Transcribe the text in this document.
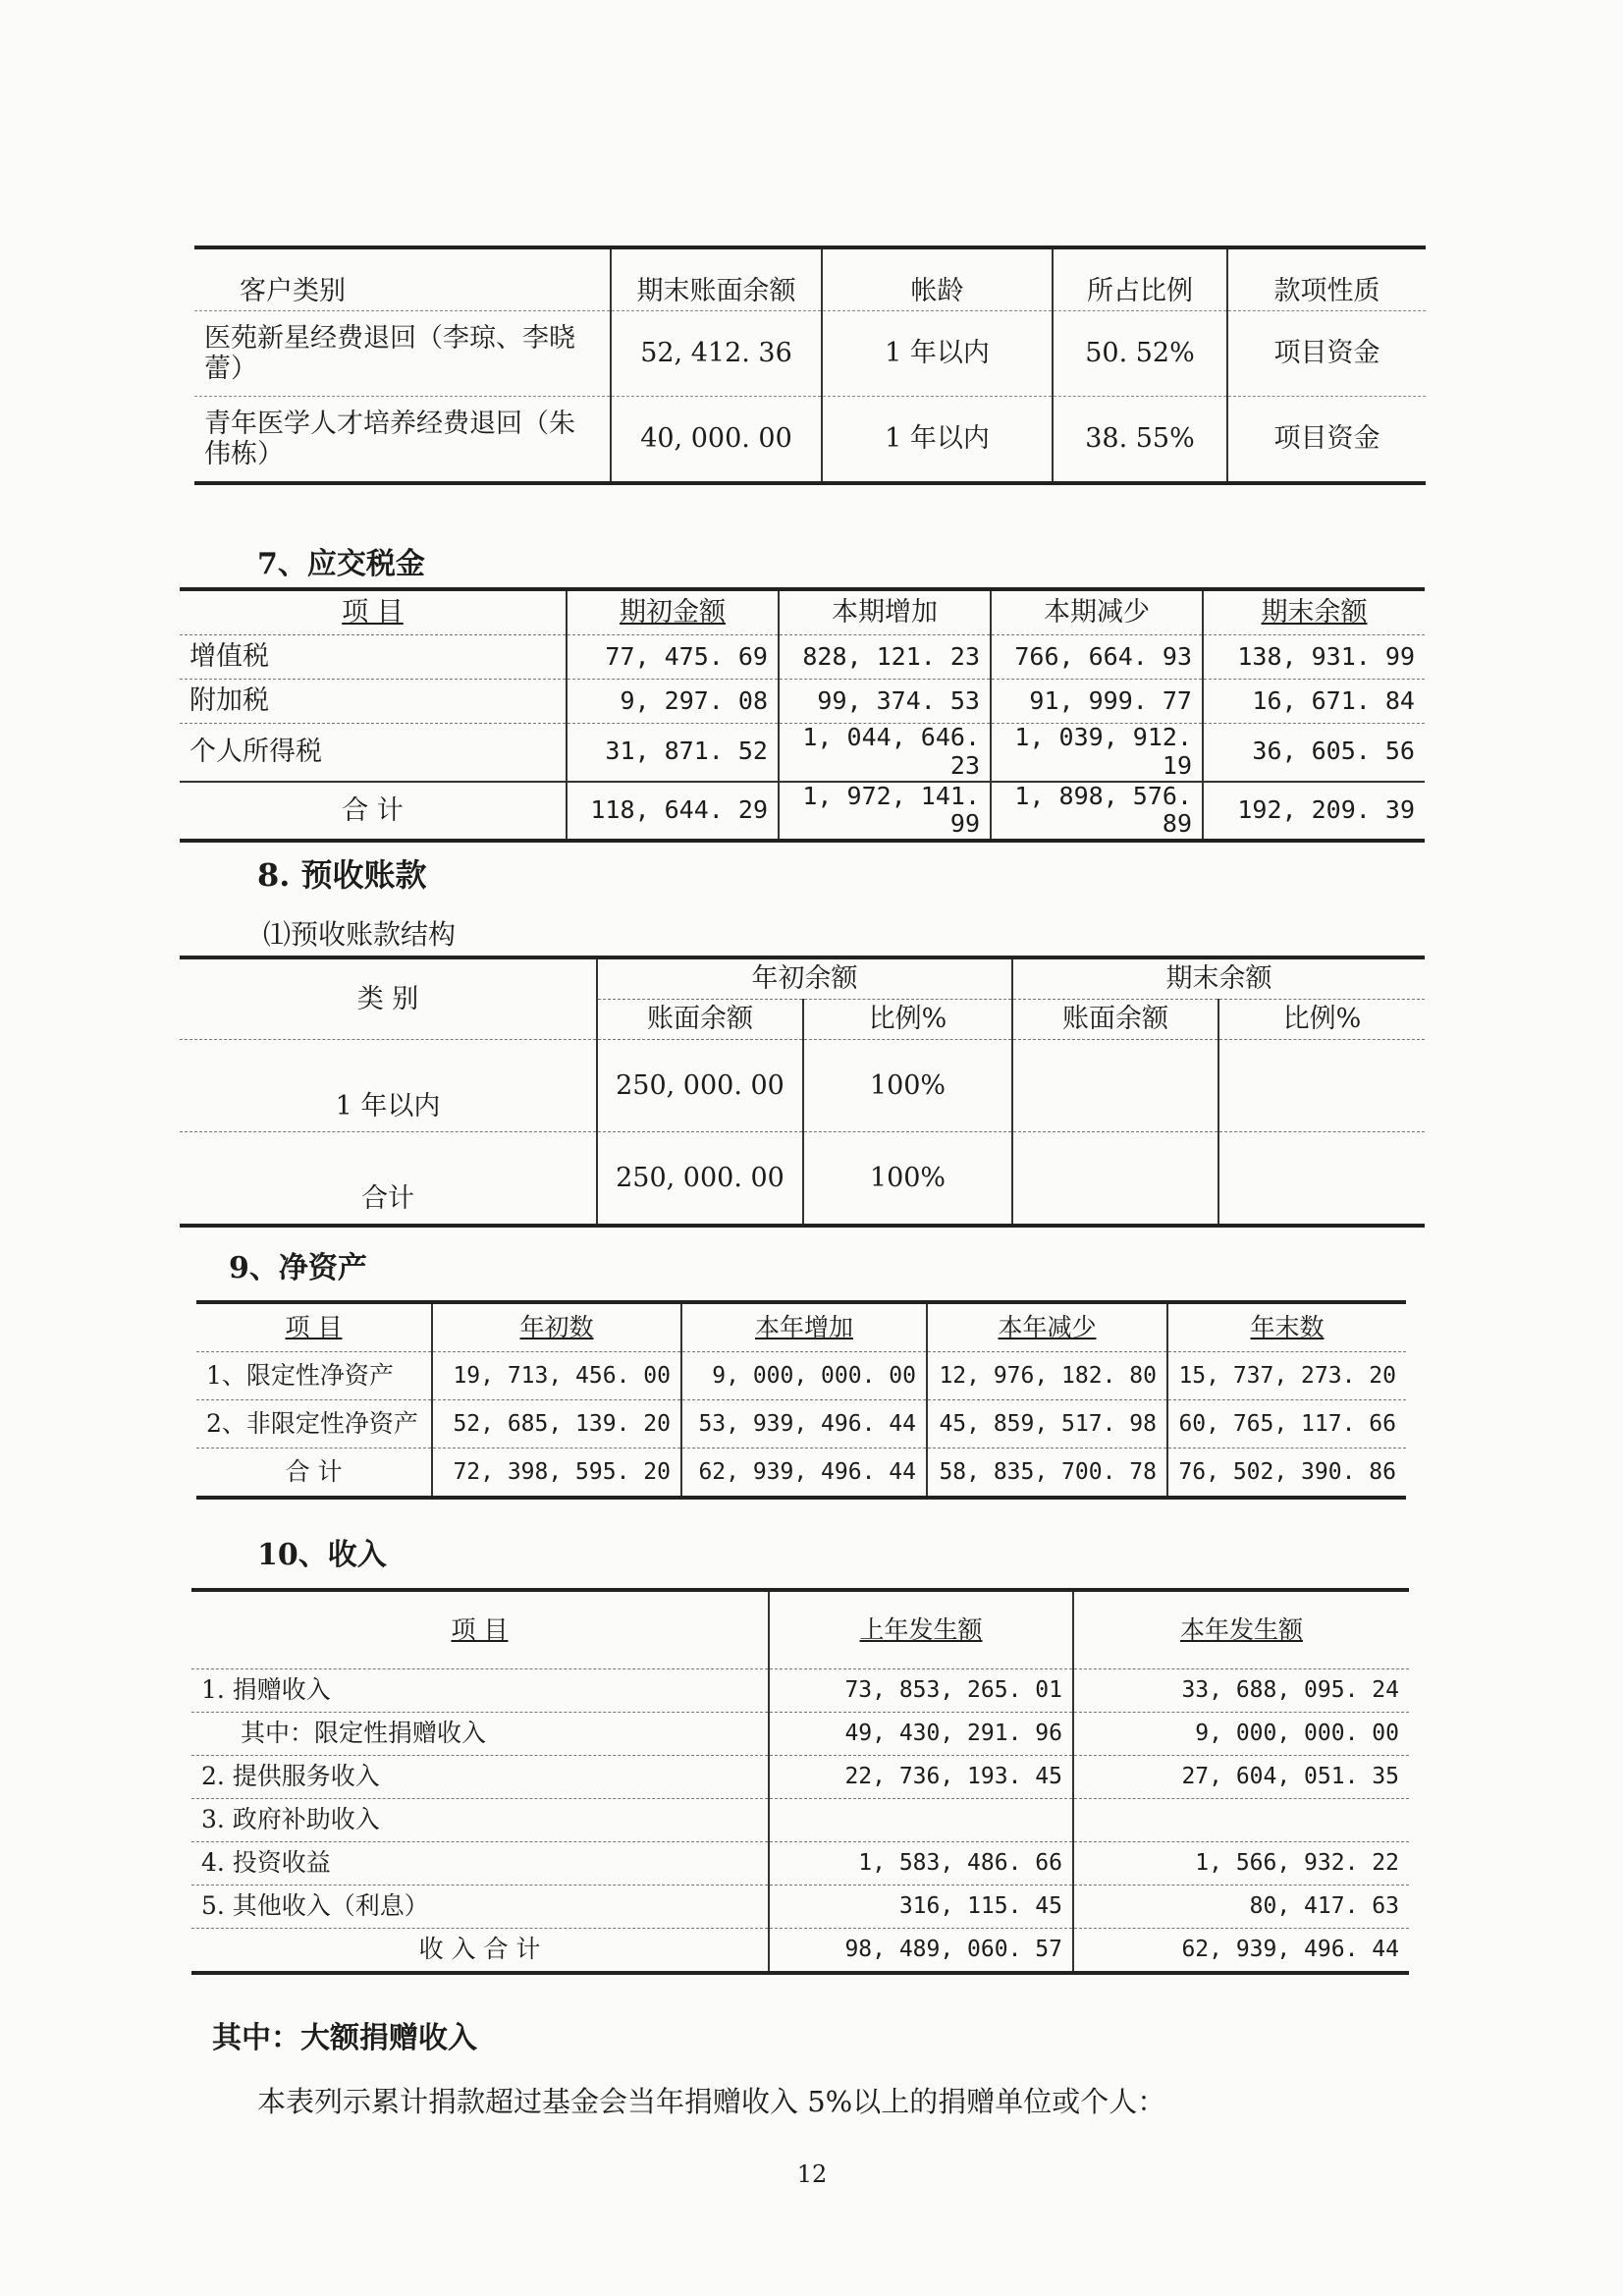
客户类别	期末账面余额	帐龄	所占比例	款项性质
医苑新星经费退回（李琼、李晓蕾）	52, 412. 36	1 年以内	50. 52%	项目资金
青年医学人才培养经费退回（朱伟栋）	40, 000. 00	1 年以内	38. 55%	项目资金
7、应交税金
项 目	期初金额	本期增加	本期减少	期末余额
增值税	77, 475. 69	828, 121. 23	766, 664. 93	138, 931. 99
附加税	9, 297. 08	99, 374. 53	91, 999. 77	16, 671. 84
个人所得税	31, 871. 52	1, 044, 646. 23	1, 039, 912. 19	36, 605. 56
合 计	118, 644. 29	1, 972, 141. 99	1, 898, 576. 89	192, 209. 39
8. 预收账款
⑴预收账款结构
类 别	年初余额		期末余额	
	账面余额	比例%	账面余额	比例%
1 年以内	250, 000. 00	100%		
合计	250, 000. 00	100%		
9、净资产
项 目	年初数	本年增加	本年减少	年末数
1、限定性净资产	19, 713, 456. 00	9, 000, 000. 00	12, 976, 182. 80	15, 737, 273. 20
2、非限定性净资产	52, 685, 139. 20	53, 939, 496. 44	45, 859, 517. 98	60, 765, 117. 66
合 计	72, 398, 595. 20	62, 939, 496. 44	58, 835, 700. 78	76, 502, 390. 86
10、收入
项 目	上年发生额	本年发生额
1. 捐赠收入	73, 853, 265. 01	33, 688, 095. 24
其中：限定性捐赠收入	49, 430, 291. 96	9, 000, 000. 00
2. 提供服务收入	22, 736, 193. 45	27, 604, 051. 35
3. 政府补助收入		
4. 投资收益	1, 583, 486. 66	1, 566, 932. 22
5. 其他收入（利息）	316, 115. 45	80, 417. 63
收 入 合 计	98, 489, 060. 57	62, 939, 496. 44
其中：大额捐赠收入
本表列示累计捐款超过基金会当年捐赠收入 5%以上的捐赠单位或个人：
12
